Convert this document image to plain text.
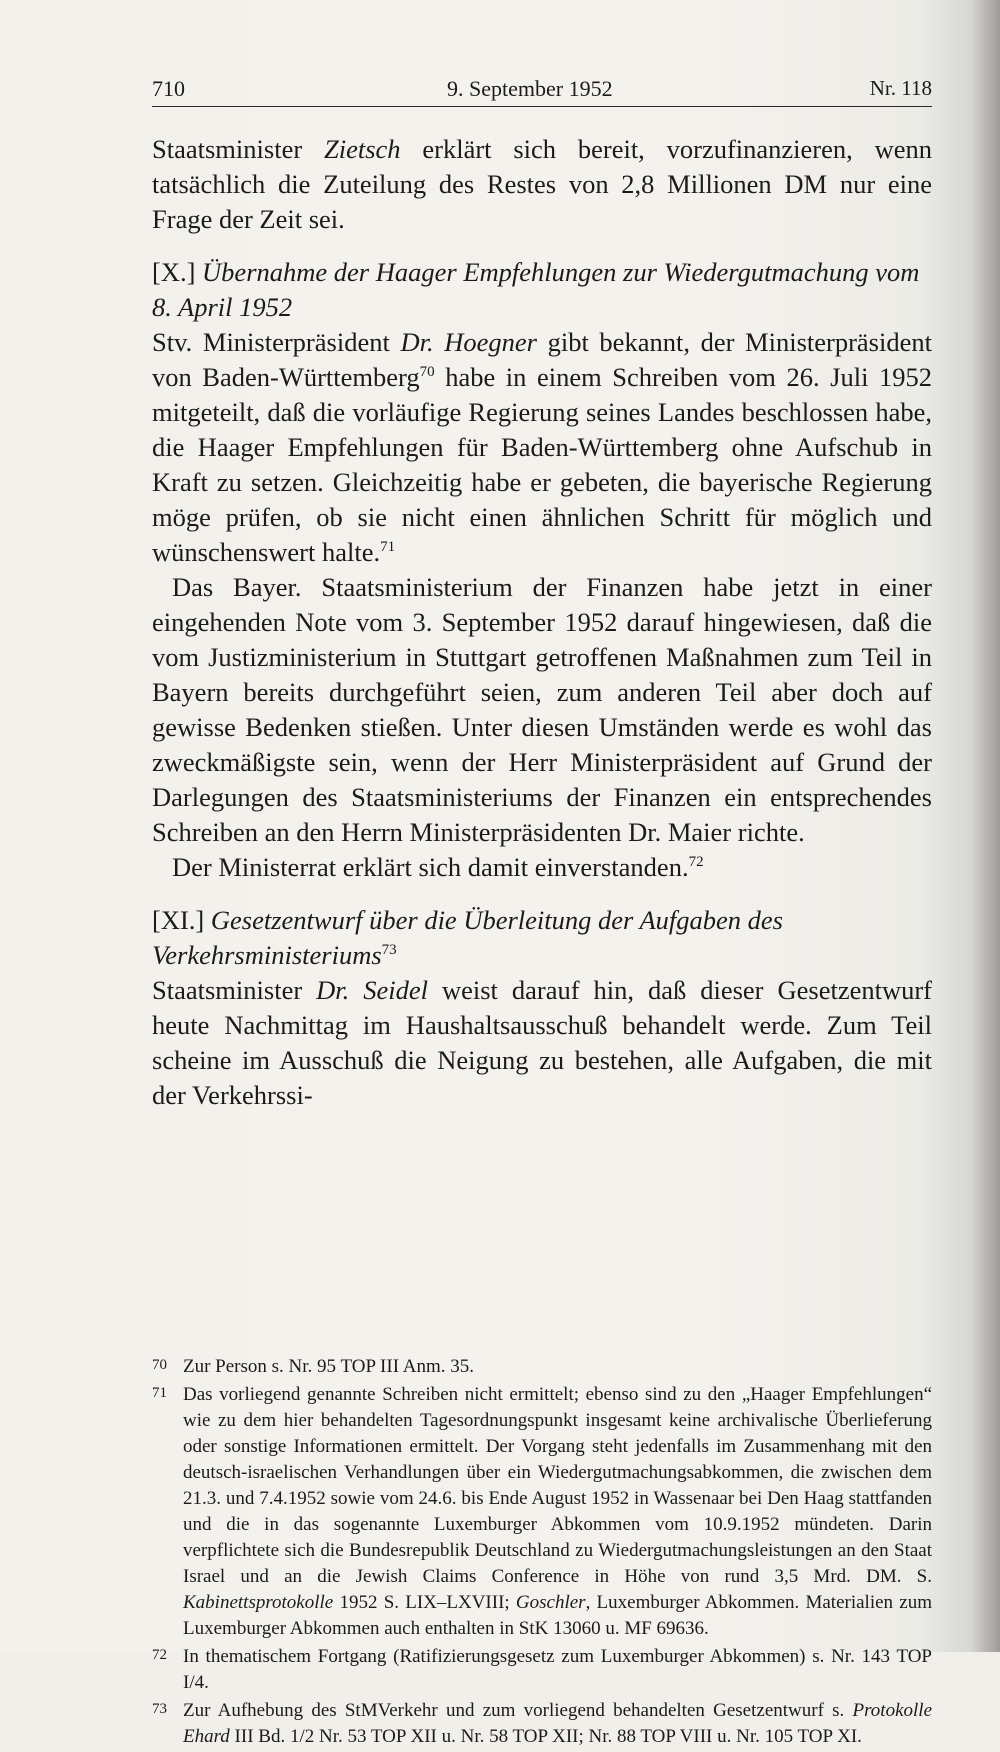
710	9. September 1952	Nr. 118

Staatsminister Zietsch erklärt sich bereit, vorzufinanzieren, wenn tatsächlich die Zuteilung des Restes von 2,8 Millionen DM nur eine Frage der Zeit sei.

[X.] Übernahme der Haager Empfehlungen zur Wiedergutmachung vom 8. April 1952

Stv. Ministerpräsident Dr. Hoegner gibt bekannt, der Ministerpräsident von Baden-Württemberg$^{70}$ habe in einem Schreiben vom 26. Juli 1952 mitgeteilt, daß die vorläufige Regierung seines Landes beschlossen habe, die Haager Empfehlungen für Baden-Württemberg ohne Aufschub in Kraft zu setzen. Gleichzeitig habe er gebeten, die bayerische Regierung möge prüfen, ob sie nicht einen ähnlichen Schritt für möglich und wünschenswert halte.$^{71}$

Das Bayer. Staatsministerium der Finanzen habe jetzt in einer eingehenden Note vom 3. September 1952 darauf hingewiesen, daß die vom Justizministerium in Stuttgart getroffenen Maßnahmen zum Teil in Bayern bereits durchgeführt seien, zum anderen Teil aber doch auf gewisse Bedenken stießen. Unter diesen Umständen werde es wohl das zweckmäßigste sein, wenn der Herr Ministerpräsident auf Grund der Darlegungen des Staatsministeriums der Finanzen ein entsprechendes Schreiben an den Herrn Ministerpräsidenten Dr. Maier richte.

Der Ministerrat erklärt sich damit einverstanden.$^{72}$

[XI.] Gesetzentwurf über die Überleitung der Aufgaben des Verkehrsministeriums$^{73}$

Staatsminister Dr. Seidel weist darauf hin, daß dieser Gesetzentwurf heute Nachmittag im Haushaltsausschuß behandelt werde. Zum Teil scheine im Ausschuß die Neigung zu bestehen, alle Aufgaben, die mit der Verkehrssi-

70 Zur Person s. Nr. 95 TOP III Anm. 35.

71 Das vorliegend genannte Schreiben nicht ermittelt; ebenso sind zu den „Haager Empfehlungen“ wie zu dem hier behandelten Tagesordnungspunkt insgesamt keine archivalische Überlieferung oder sonstige Informationen ermittelt. Der Vorgang steht jedenfalls im Zusammenhang mit den deutsch-israelischen Verhandlungen über ein Wiedergutmachungsabkommen, die zwischen dem 21.3. und 7.4.1952 sowie vom 24.6. bis Ende August 1952 in Wassenaar bei Den Haag stattfanden und die in das sogenannte Luxemburger Abkommen vom 10.9.1952 mündeten. Darin verpflichtete sich die Bundesrepublik Deutschland zu Wiedergutmachungsleistungen an den Staat Israel und an die Jewish Claims Conference in Höhe von rund 3,5 Mrd. DM. S. Kabinettsprotokolle 1952 S. LIX–LXVIII; Goschler, Luxemburger Abkommen. Materialien zum Luxemburger Abkommen auch enthalten in StK 13060 u. MF 69636.

72 In thematischem Fortgang (Ratifizierungsgesetz zum Luxemburger Abkommen) s. Nr. 143 TOP I/4.

73 Zur Aufhebung des StMVerkehr und zum vorliegend behandelten Gesetzentwurf s. Protokolle Ehard III Bd. 1/2 Nr. 53 TOP XII u. Nr. 58 TOP XII; Nr. 88 TOP VIII u. Nr. 105 TOP XI.
